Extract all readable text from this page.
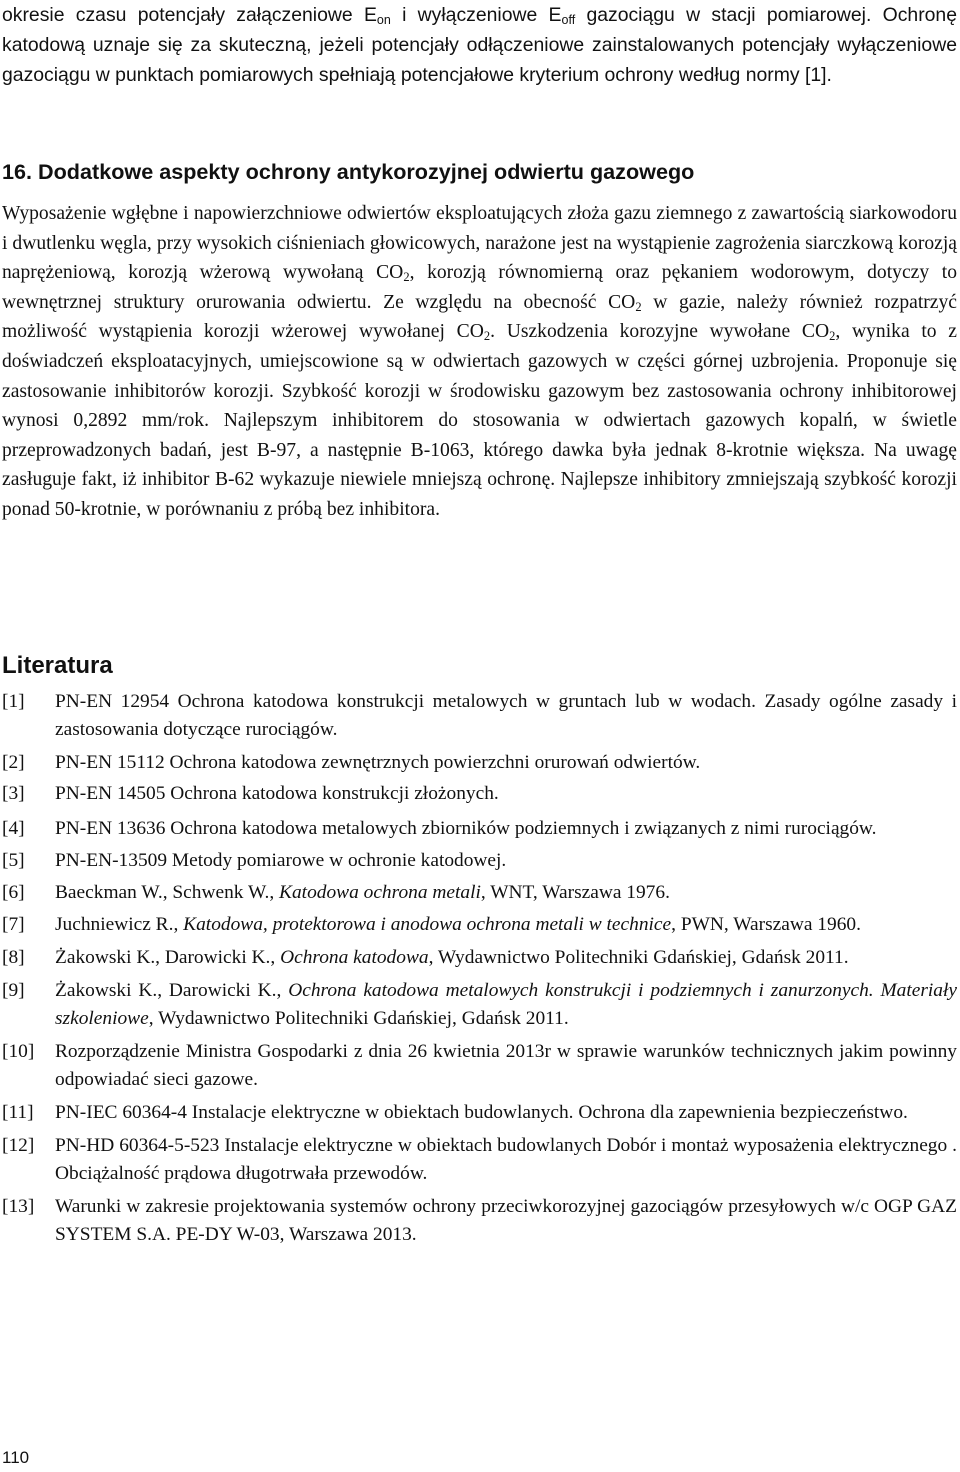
okresie czasu potencjały załączeniowe $E_{on}$ i wyłączeniowe $E_{off}$ gazociągu w stacji pomiarowej. Ochronę katodową uznaje się za skuteczną, jeżeli potencjały odłączeniowe zainstalowanych potencjały wyłączeniowe gazociągu w punktach pomiarowych spełniają potencjałowe kryterium ochrony według normy [1].

16. Dodatkowe aspekty ochrony antykorozyjnej odwiertu gazowego

Wyposażenie wgłębne i napowierzchniowe odwiertów eksploatujących złoża gazu ziemnego z zawartością siarkowodoru i dwutlenku węgla, przy wysokich ciśnieniach głowicowych, narażone jest na wystąpienie zagrożenia siarczkową korozją naprężeniową, korozją wżerową wywołaną $CO_2$, korozją równomierną oraz pękaniem wodorowym, dotyczy to wewnętrznej struktury orurowania odwiertu. Ze względu na obecność $CO_2$ w gazie, należy również rozpatrzyć możliwość wystąpienia korozji wżerowej wywołanej $CO_2$. Uszkodzenia korozyjne wywołane $CO_2$, wynika to z doświadczeń eksploatacyjnych, umiejscowione są w odwiertach gazowych w części górnej uzbrojenia. Proponuje się zastosowanie inhibitorów korozji. Szybkość korozji w środowisku gazowym bez zastosowania ochrony inhibitorowej wynosi 0,2892 mm/rok. Najlepszym inhibitorem do stosowania w odwiertach gazowych kopalń, w świetle przeprowadzonych badań, jest B-97, a następnie B-1063, którego dawka była jednak 8-krotnie większa. Na uwagę zasługuje fakt, iż inhibitor B-62 wykazuje niewiele mniejszą ochronę. Najlepsze inhibitory zmniejszają szybkość korozji ponad 50-krotnie, w porównaniu z próbą bez inhibitora.

Literatura
[1] PN-EN 12954 Ochrona katodowa konstrukcji metalowych w gruntach lub w wodach. Zasady ogólne zasady i zastosowania dotyczące rurociągów.
[2] PN-EN 15112 Ochrona katodowa zewnętrznych powierzchni orurowań odwiertów.
[3] PN-EN 14505 Ochrona katodowa konstrukcji złożonych.
[4] PN-EN 13636 Ochrona katodowa metalowych zbiorników podziemnych i związanych z nimi rurociągów.
[5] PN-EN-13509 Metody pomiarowe w ochronie katodowej.
[6] Baeckman W., Schwenk W., Katodowa ochrona metali, WNT, Warszawa 1976.
[7] Juchniewicz R., Katodowa, protektorowa i anodowa ochrona metali w technice, PWN, Warszawa 1960.
[8] Żakowski K., Darowicki K., Ochrona katodowa, Wydawnictwo Politechniki Gdańskiej, Gdańsk 2011.
[9] Żakowski K., Darowicki K., Ochrona katodowa metalowych konstrukcji i podziemnych i zanurzonych. Materiały szkoleniowe, Wydawnictwo Politechniki Gdańskiej, Gdańsk 2011.
[10] Rozporządzenie Ministra Gospodarki z dnia 26 kwietnia 2013r w sprawie warunków technicznych jakim powinny odpowiadać sieci gazowe.
[11] PN-IEC 60364-4 Instalacje elektryczne w obiektach budowlanych. Ochrona dla zapewnienia bezpieczeństwo.
[12] PN-HD 60364-5-523 Instalacje elektryczne w obiektach budowlanych Dobór i montaż wyposażenia elektrycznego . Obciążalność prądowa długotrwała przewodów.
[13] Warunki w zakresie projektowania systemów ochrony przeciwkorozyjnej gazociągów przesyłowych w/c OGP GAZ SYSTEM S.A. PE-DY W-03, Warszawa 2013.
110
